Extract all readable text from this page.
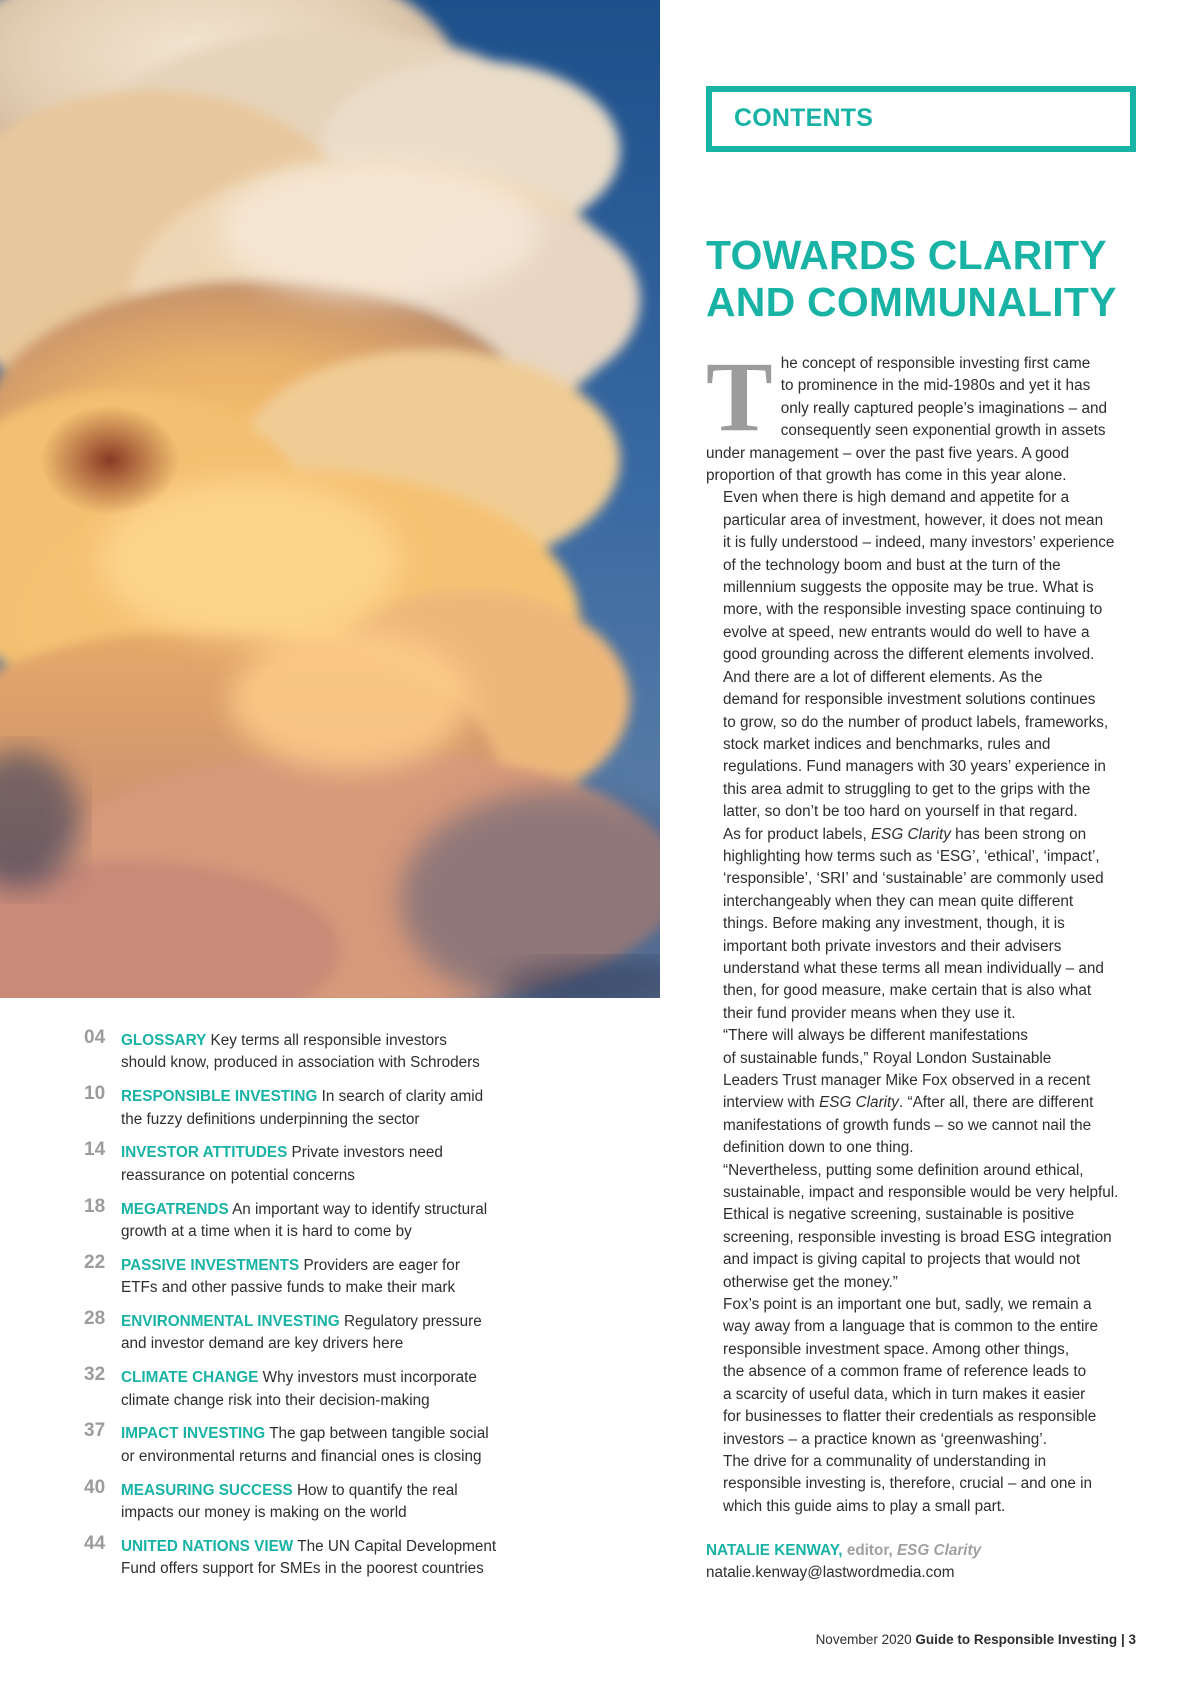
CONTENTS
TOWARDS CLARITY
AND COMMUNALITY

T he concept of responsible investing first came
to prominence in the mid-1980s and yet it has
only really captured people’s imaginations – and
consequently seen exponential growth in assets
under management – over the past five years. A good
proportion of that growth has come in this year alone.

Even when there is high demand and appetite for a
particular area of investment, however, it does not mean
it is fully understood – indeed, many investors’ experience
of the technology boom and bust at the turn of the
millennium suggests the opposite may be true. What is
more, with the responsible investing space continuing to
evolve at speed, new entrants would do well to have a
good grounding across the different elements involved.

And there are a lot of different elements. As the
demand for responsible investment solutions continues
to grow, so do the number of product labels, frameworks,
stock market indices and benchmarks, rules and
regulations. Fund managers with 30 years’ experience in
this area admit to struggling to get to the grips with the
latter, so don’t be too hard on yourself in that regard.

As for product labels, ESG Clarity has been strong on
highlighting how terms such as ‘ESG’, ‘ethical’, ‘impact’,
‘responsible’, ‘SRI’ and ‘sustainable’ are commonly used
interchangeably when they can mean quite different
things. Before making any investment, though, it is
important both private investors and their advisers
understand what these terms all mean individually – and
then, for good measure, make certain that is also what
their fund provider means when they use it.

“There will always be different manifestations
of sustainable funds,” Royal London Sustainable
Leaders Trust manager Mike Fox observed in a recent
interview with ESG Clarity. “After all, there are different
manifestations of growth funds – so we cannot nail the
definition down to one thing.

“Nevertheless, putting some definition around ethical,
sustainable, impact and responsible would be very helpful.
Ethical is negative screening, sustainable is positive
screening, responsible investing is broad ESG integration
and impact is giving capital to projects that would not
otherwise get the money.”

Fox’s point is an important one but, sadly, we remain a
way away from a language that is common to the entire
responsible investment space. Among other things,
the absence of a common frame of reference leads to
a scarcity of useful data, which in turn makes it easier
for businesses to flatter their credentials as responsible
investors – a practice known as ‘greenwashing’.

The drive for a communality of understanding in
responsible investing is, therefore, crucial – and one in
which this guide aims to play a small part.

NATALIE KENWAY, editor, ESG Clarity
natalie.kenway@lastwordmedia.com
04	GLOSSARY Key terms all responsible investors
should know, produced in association with Schroders
10	RESPONSIBLE INVESTING In search of clarity amid
the fuzzy definitions underpinning the sector
14	INVESTOR ATTITUDES Private investors need
reassurance on potential concerns
18	MEGATRENDS An important way to identify structural
growth at a time when it is hard to come by
22	PASSIVE INVESTMENTS Providers are eager for
ETFs and other passive funds to make their mark
28	ENVIRONMENTAL INVESTING Regulatory pressure
and investor demand are key drivers here
32	CLIMATE CHANGE Why investors must incorporate
climate change risk into their decision-making
37	IMPACT INVESTING The gap between tangible social
or environmental returns and financial ones is closing
40	MEASURING SUCCESS How to quantify the real
impacts our money is making on the world
44	UNITED NATIONS VIEW The UN Capital Development
Fund offers support for SMEs in the poorest countries
November 2020 Guide to Responsible Investing | 3
